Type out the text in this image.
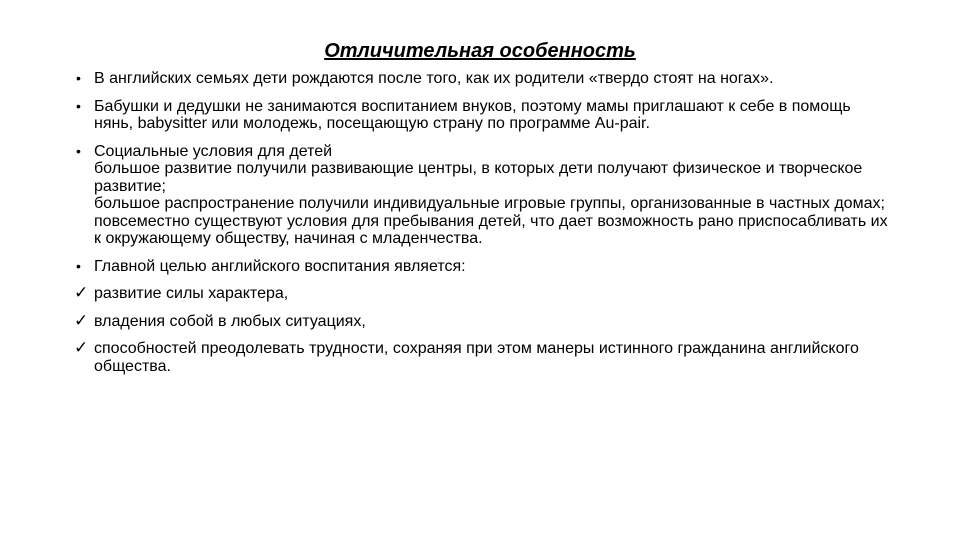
Отличительная особенность
• В английских семьях дети рождаются после того, как их родители «твердо стоят на ногах».
• Бабушки и дедушки не занимаются воспитанием внуков, поэтому мамы приглашают к себе в помощь нянь, babysitter или молодежь, посещающую страну по программе Au-pair.
• Социальные условия для детей
большое развитие получили развивающие центры, в которых дети получают физическое и творческое развитие;
большое распространение получили индивидуальные игровые группы, организованные в частных домах;
повсеместно существуют условия для пребывания детей, что дает возможность рано приспосабливать их к окружающему обществу, начиная с младенчества.
• Главной целью английского воспитания является:
✓ развитие силы характера,
✓ владения собой в любых ситуациях,
✓ способностей преодолевать трудности, сохраняя при этом манеры истинного гражданина английского общества.
